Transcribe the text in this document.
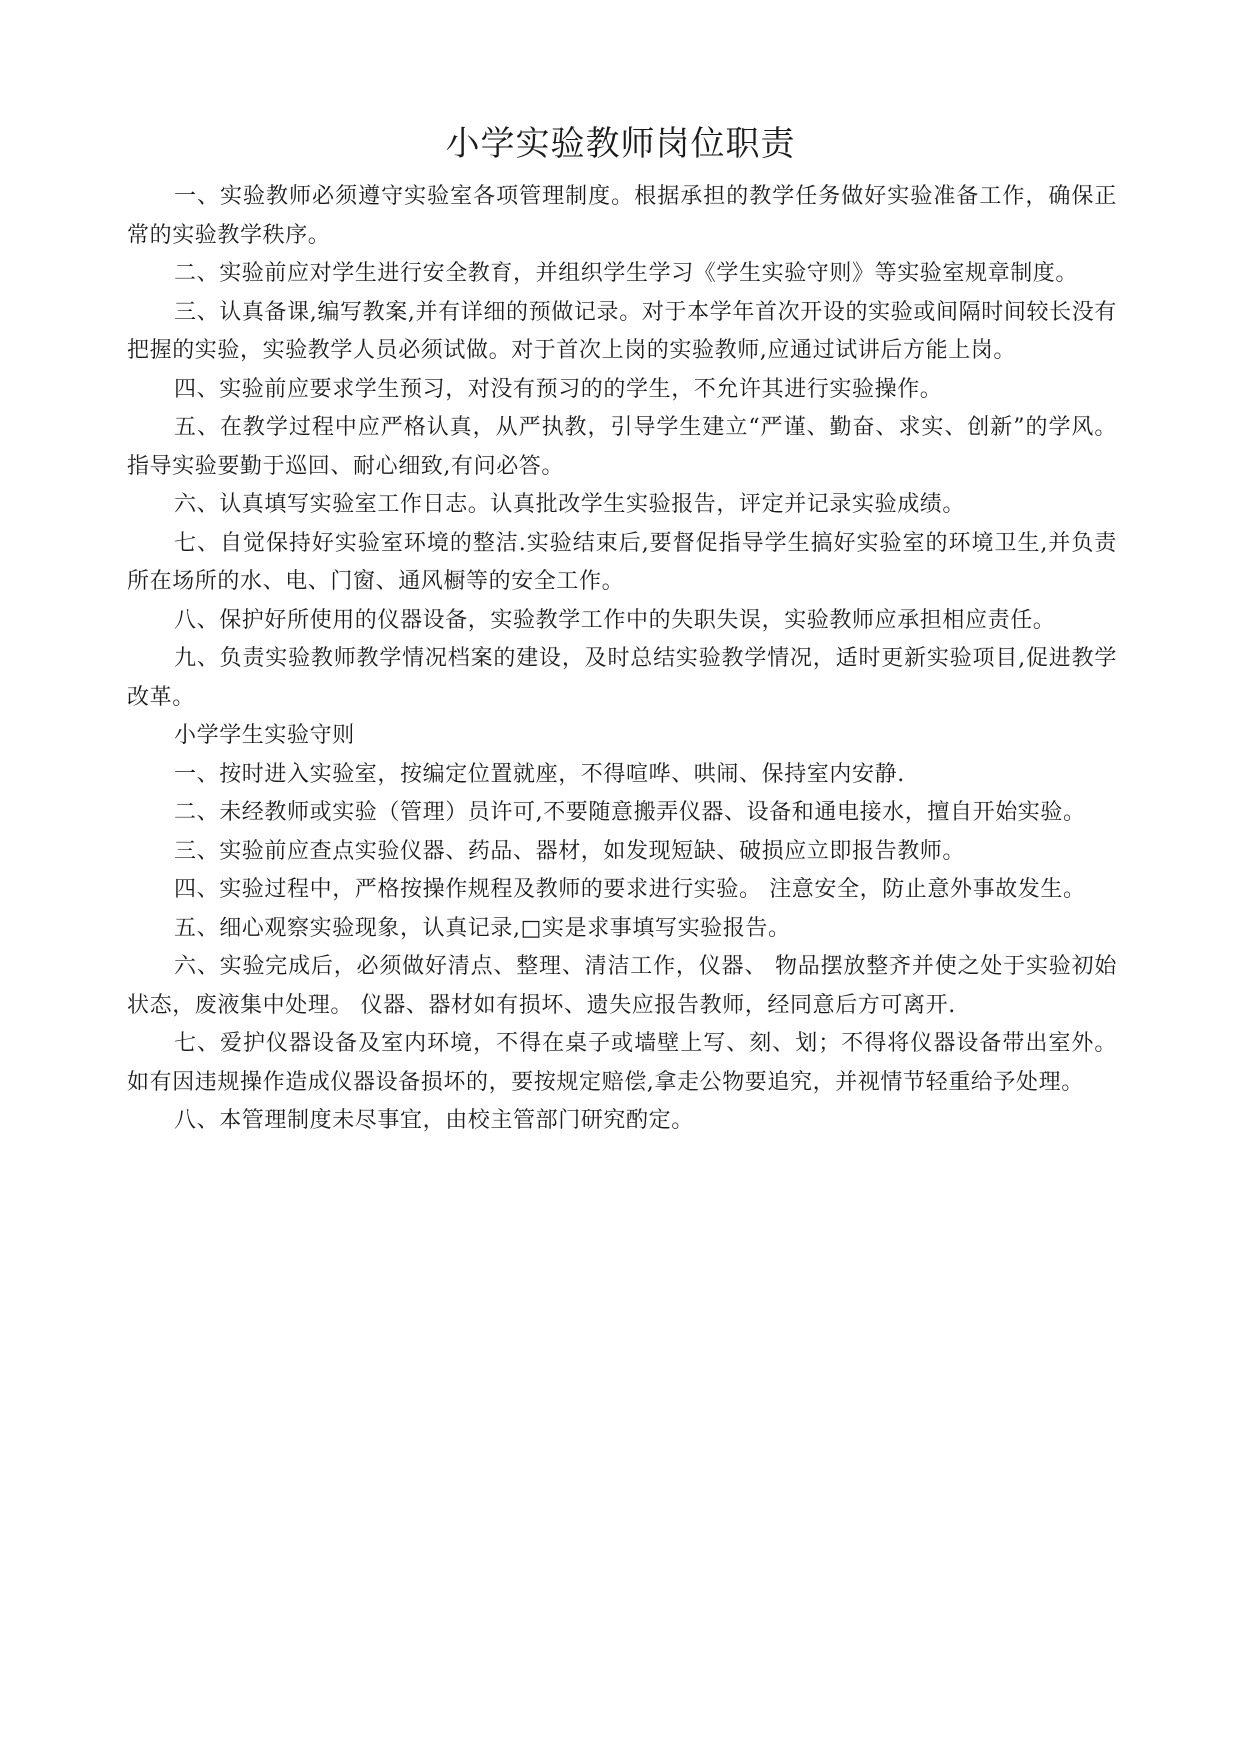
小学实验教师岗位职责

一、实验教师必须遵守实验室各项管理制度。根据承担的教学任务做好实验准备工作，确保正常的实验教学秩序。

二、实验前应对学生进行安全教育，并组织学生学习《学生实验守则》等实验室规章制度。

三、认真备课,编写教案,并有详细的预做记录。对于本学年首次开设的实验或间隔时间较长没有把握的实验，实验教学人员必须试做。对于首次上岗的实验教师,应通过试讲后方能上岗。

四、实验前应要求学生预习，对没有预习的的学生，不允许其进行实验操作。

五、在教学过程中应严格认真，从严执教，引导学生建立“严谨、勤奋、求实、创新”的学风。指导实验要勤于巡回、耐心细致,有问必答。

六、认真填写实验室工作日志。认真批改学生实验报告，评定并记录实验成绩。

七、自觉保持好实验室环境的整洁.实验结束后,要督促指导学生搞好实验室的环境卫生,并负责所在场所的水、电、门窗、通风橱等的安全工作。

八、保护好所使用的仪器设备，实验教学工作中的失职失误，实验教师应承担相应责任。

九、负责实验教师教学情况档案的建设，及时总结实验教学情况，适时更新实验项目,促进教学改革。

小学学生实验守则

一、按时进入实验室，按编定位置就座，不得喧哗、哄闹、保持室内安静.

二、未经教师或实验（管理）员许可,不要随意搬弄仪器、设备和通电接水，擅自开始实验。

三、实验前应查点实验仪器、药品、器材，如发现短缺、破损应立即报告教师。

四、实验过程中，严格按操作规程及教师的要求进行实验。 注意安全，防止意外事故发生。

五、细心观察实验现象，认真记录,□实是求事填写实验报告。

六、实验完成后，必须做好清点、整理、清洁工作，仪器、 物品摆放整齐并使之处于实验初始状态，废液集中处理。 仪器、器材如有损坏、遗失应报告教师，经同意后方可离开.

七、爱护仪器设备及室内环境，不得在桌子或墙壁上写、刻、划；不得将仪器设备带出室外。如有因违规操作造成仪器设备损坏的，要按规定赔偿,拿走公物要追究，并视情节轻重给予处理。

八、本管理制度未尽事宜，由校主管部门研究酌定。
